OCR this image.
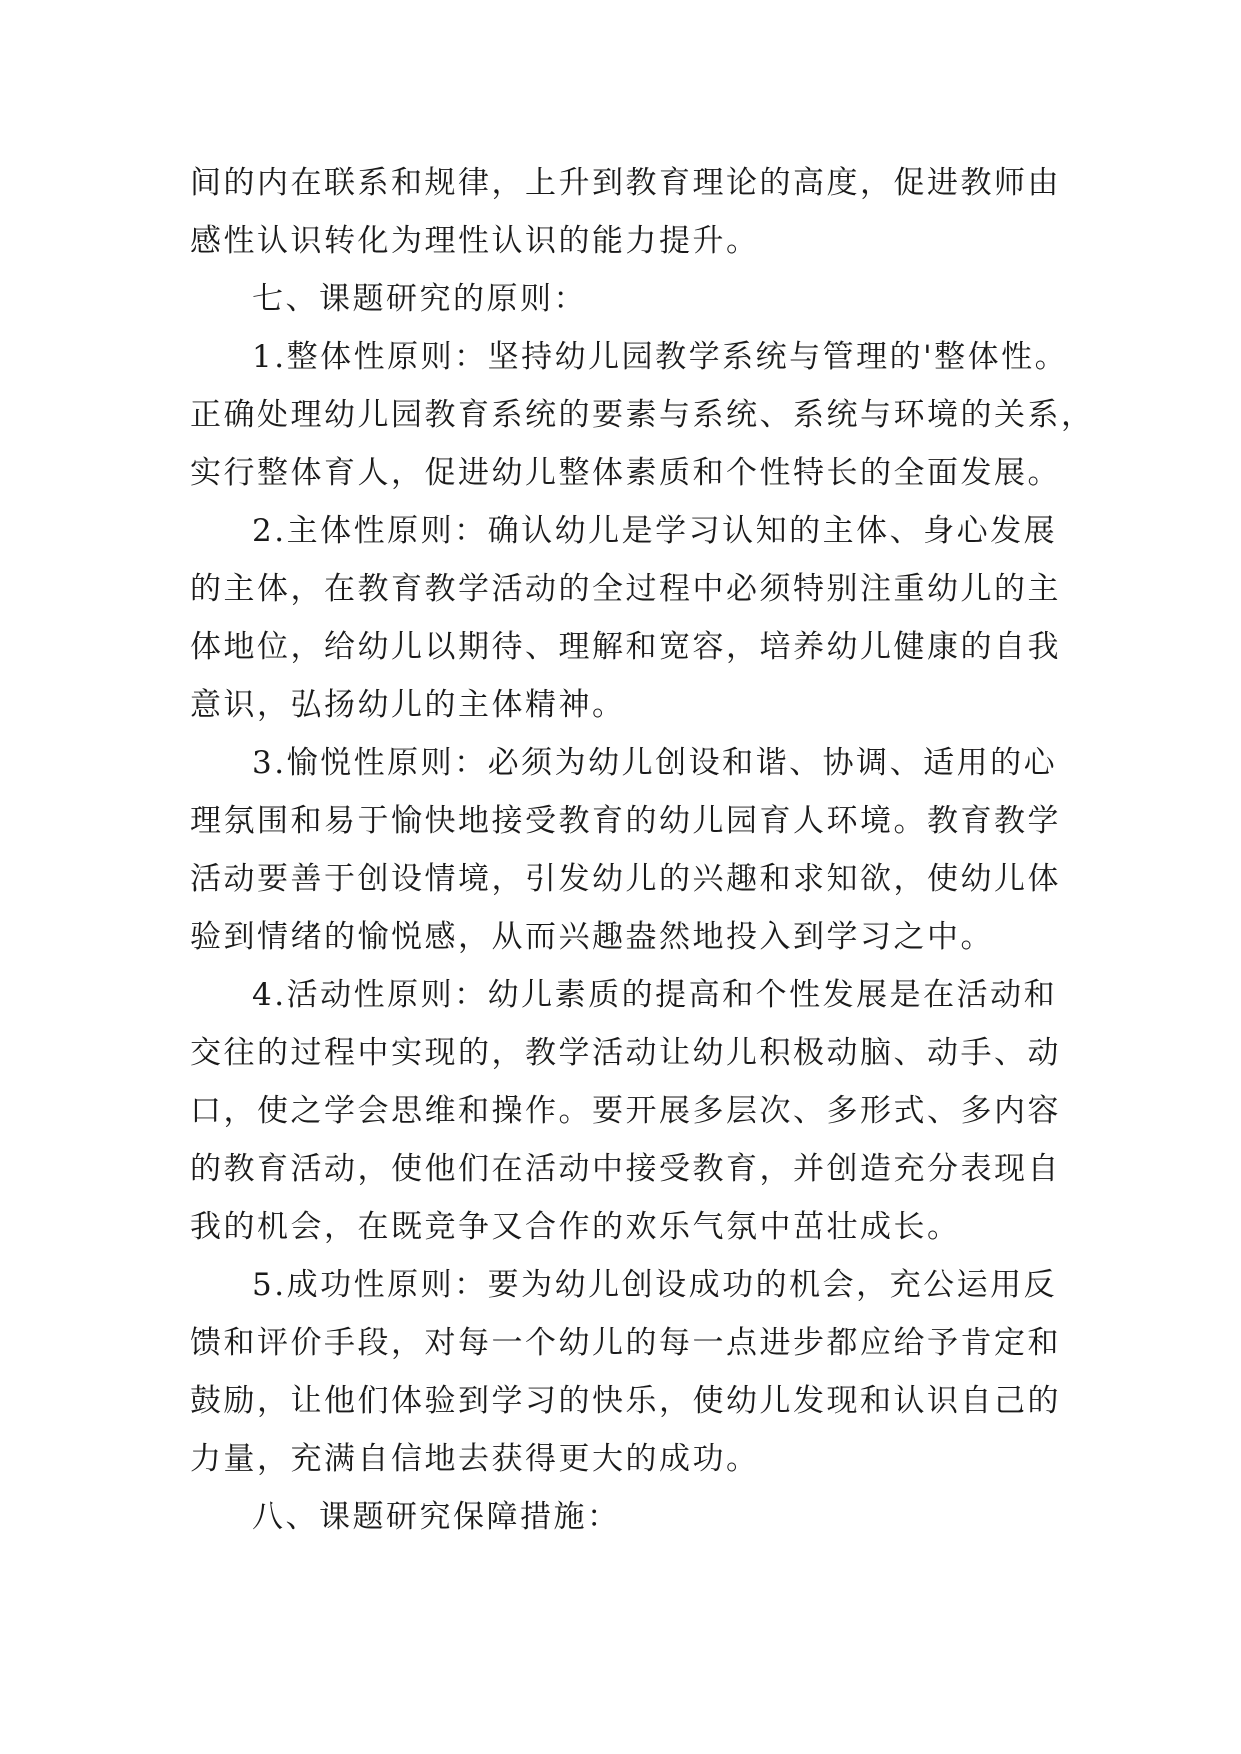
间的内在联系和规律，上升到教育理论的高度，促进教师由
感性认识转化为理性认识的能力提升。
七、课题研究的原则：
1.整体性原则：坚持幼儿园教学系统与管理的'整体性。
正确处理幼儿园教育系统的要素与系统、系统与环境的关系，
实行整体育人，促进幼儿整体素质和个性特长的全面发展。
2.主体性原则：确认幼儿是学习认知的主体、身心发展
的主体，在教育教学活动的全过程中必须特别注重幼儿的主
体地位，给幼儿以期待、理解和宽容，培养幼儿健康的自我
意识，弘扬幼儿的主体精神。
3.愉悦性原则：必须为幼儿创设和谐、协调、适用的心
理氛围和易于愉快地接受教育的幼儿园育人环境。教育教学
活动要善于创设情境，引发幼儿的兴趣和求知欲，使幼儿体
验到情绪的愉悦感，从而兴趣盎然地投入到学习之中。
4.活动性原则：幼儿素质的提高和个性发展是在活动和
交往的过程中实现的，教学活动让幼儿积极动脑、动手、动
口，使之学会思维和操作。要开展多层次、多形式、多内容
的教育活动，使他们在活动中接受教育，并创造充分表现自
我的机会，在既竞争又合作的欢乐气氛中茁壮成长。
5.成功性原则：要为幼儿创设成功的机会，充公运用反
馈和评价手段，对每一个幼儿的每一点进步都应给予肯定和
鼓励，让他们体验到学习的快乐，使幼儿发现和认识自己的
力量，充满自信地去获得更大的成功。
八、课题研究保障措施：
